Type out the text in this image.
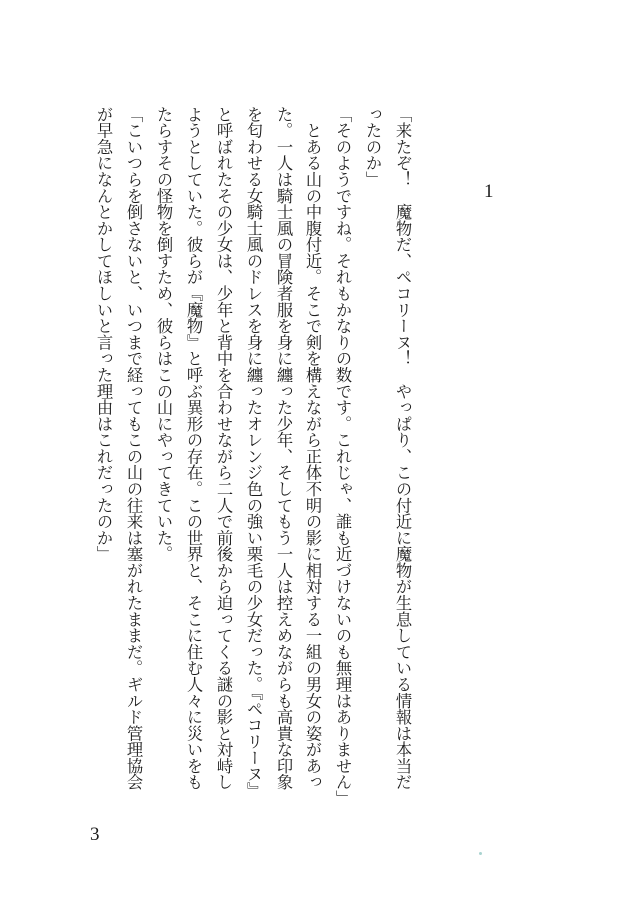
1
「来たぞ！　魔物だ、ペコリーヌ！　やっぱり、この付近に魔物が生息している情報は本当だ
ったのか」
「そのようですね。それもかなりの数です。これじゃ、誰も近づけないのも無理はありません」
　とある山の中腹付近。そこで剣を構えながら正体不明の影に相対する一組の男女の姿があっ
た。一人は騎士風の冒険者服を身に纏った少年、そしてもう一人は控えめながらも高貴な印象
を匂わせる女騎士風のドレスを身に纏ったオレンジ色の強い栗毛の少女だった。『ペコリーヌ』
と呼ばれたその少女は、少年と背中を合わせながら二人で前後から迫ってくる謎の影と対峙し
ようとしていた。彼らが『魔物』と呼ぶ異形の存在。この世界と、そこに住む人々に災いをも
たらすその怪物を倒すため、彼らはこの山にやってきていた。
「こいつらを倒さないと、いつまで経ってもこの山の往来は塞がれたままだ。ギルド管理協会
が早急になんとかしてほしいと言った理由はこれだったのか」
3
